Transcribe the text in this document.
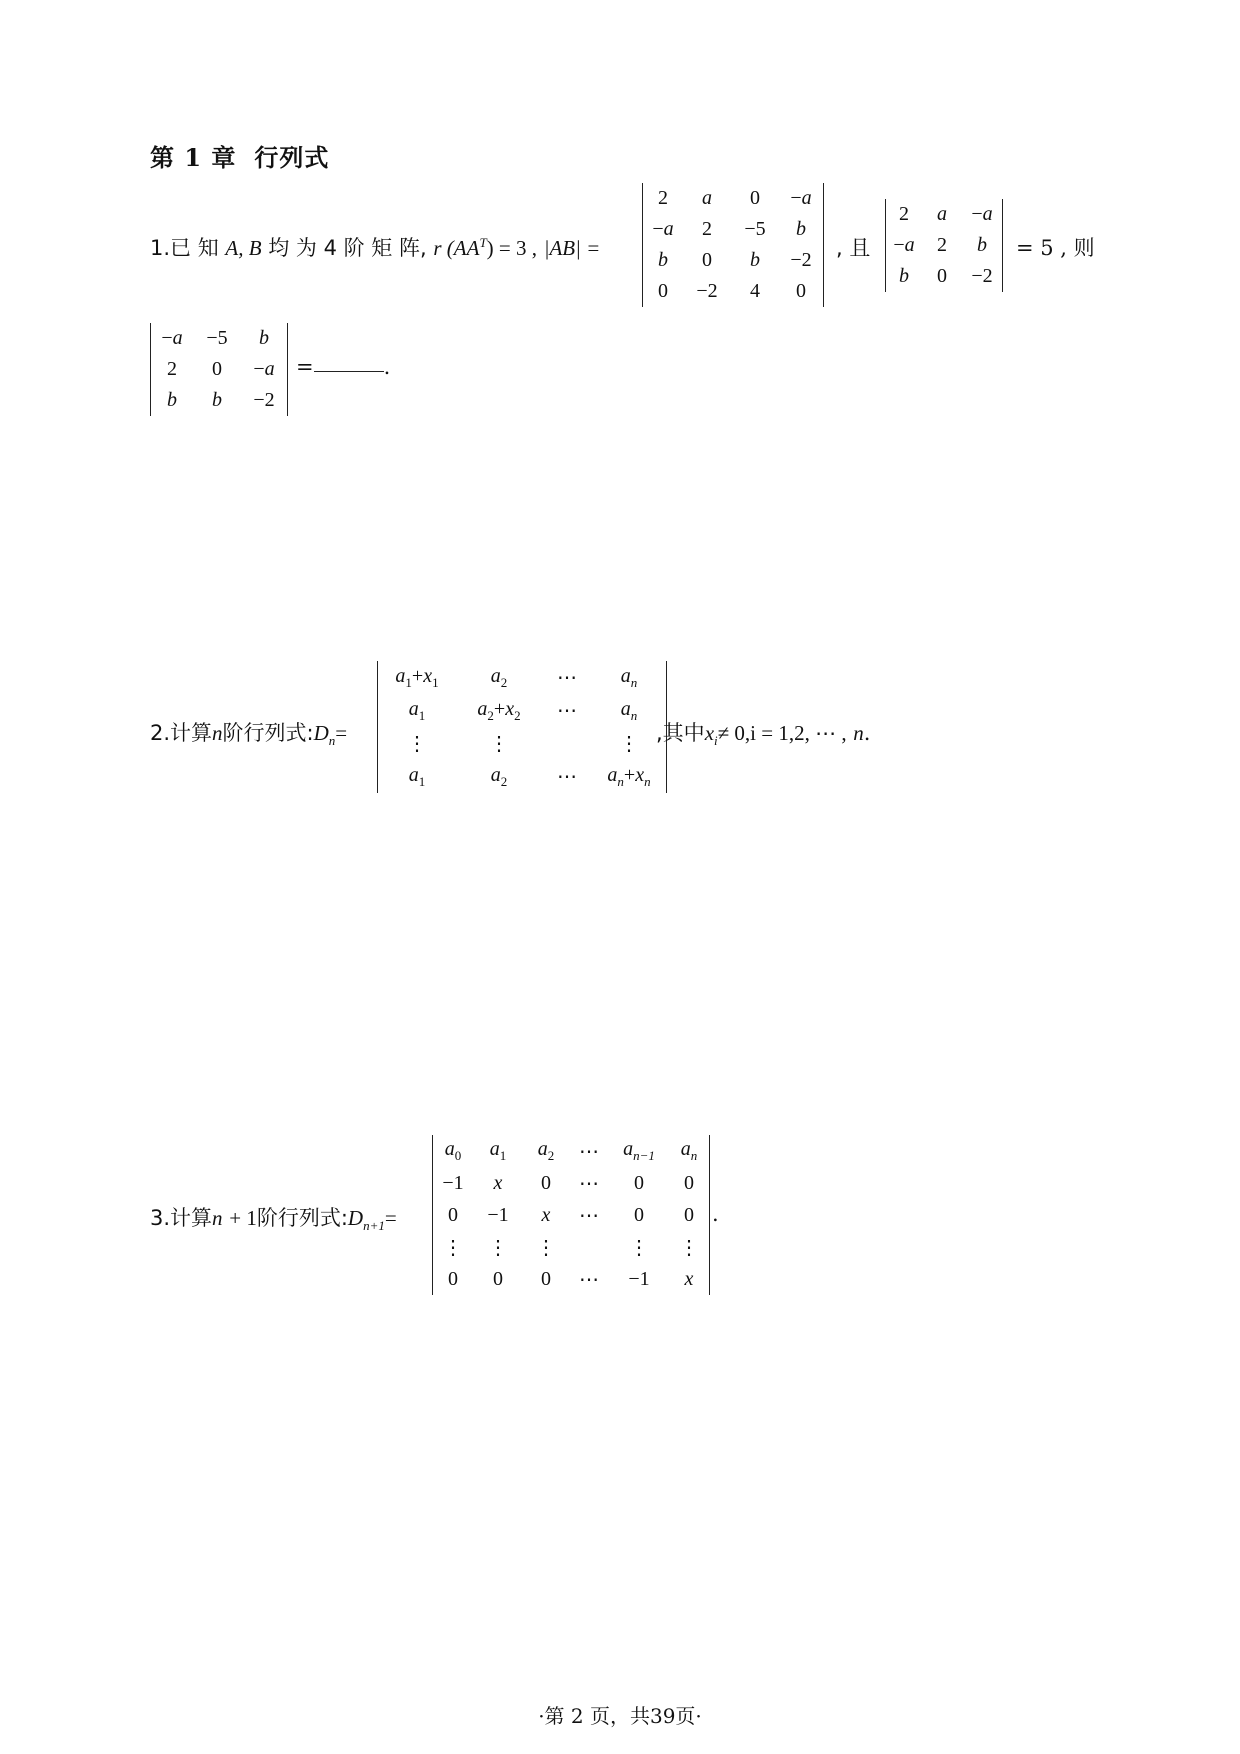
第 1 章 行列式
1.已 知 A, B 均 为 4 阶 矩 阵, r $(AA^T) = 3$ , |AB| =
2	a	0	−a
−a	2	−5	b
b	0	b	−2
0	−2	4	0
, 且
2	a	−a
−a	2	b
b	0	−2
= 5 , 则
−a	−5	b
2	0	−a
b	b	−2
=	.
2.计算n阶行列式$:D_n=$
$a_1+x_1$	$a_2$	⋯	$a_n$
$a_1$	$a_2+x_2$	⋯	$a_n$
⋮	⋮		⋮
$a_1$	$a_2$	⋯	$a_n+x_n$
,其中$x_i\ne 0,i = 1,2$, ⋯ , n.
3.计算n + 1阶行列式$:D_{n+1}=$
$a_0$	$a_1$	$a_2$	⋯	$a_{n-1}$	$a_n$
−1	x	0	⋯	0	0
0	−1	x	⋯	0	0
⋮	⋮	⋮		⋮	⋮
0	0	0	⋯	−1	x
.
·第 2 页，共39页·
